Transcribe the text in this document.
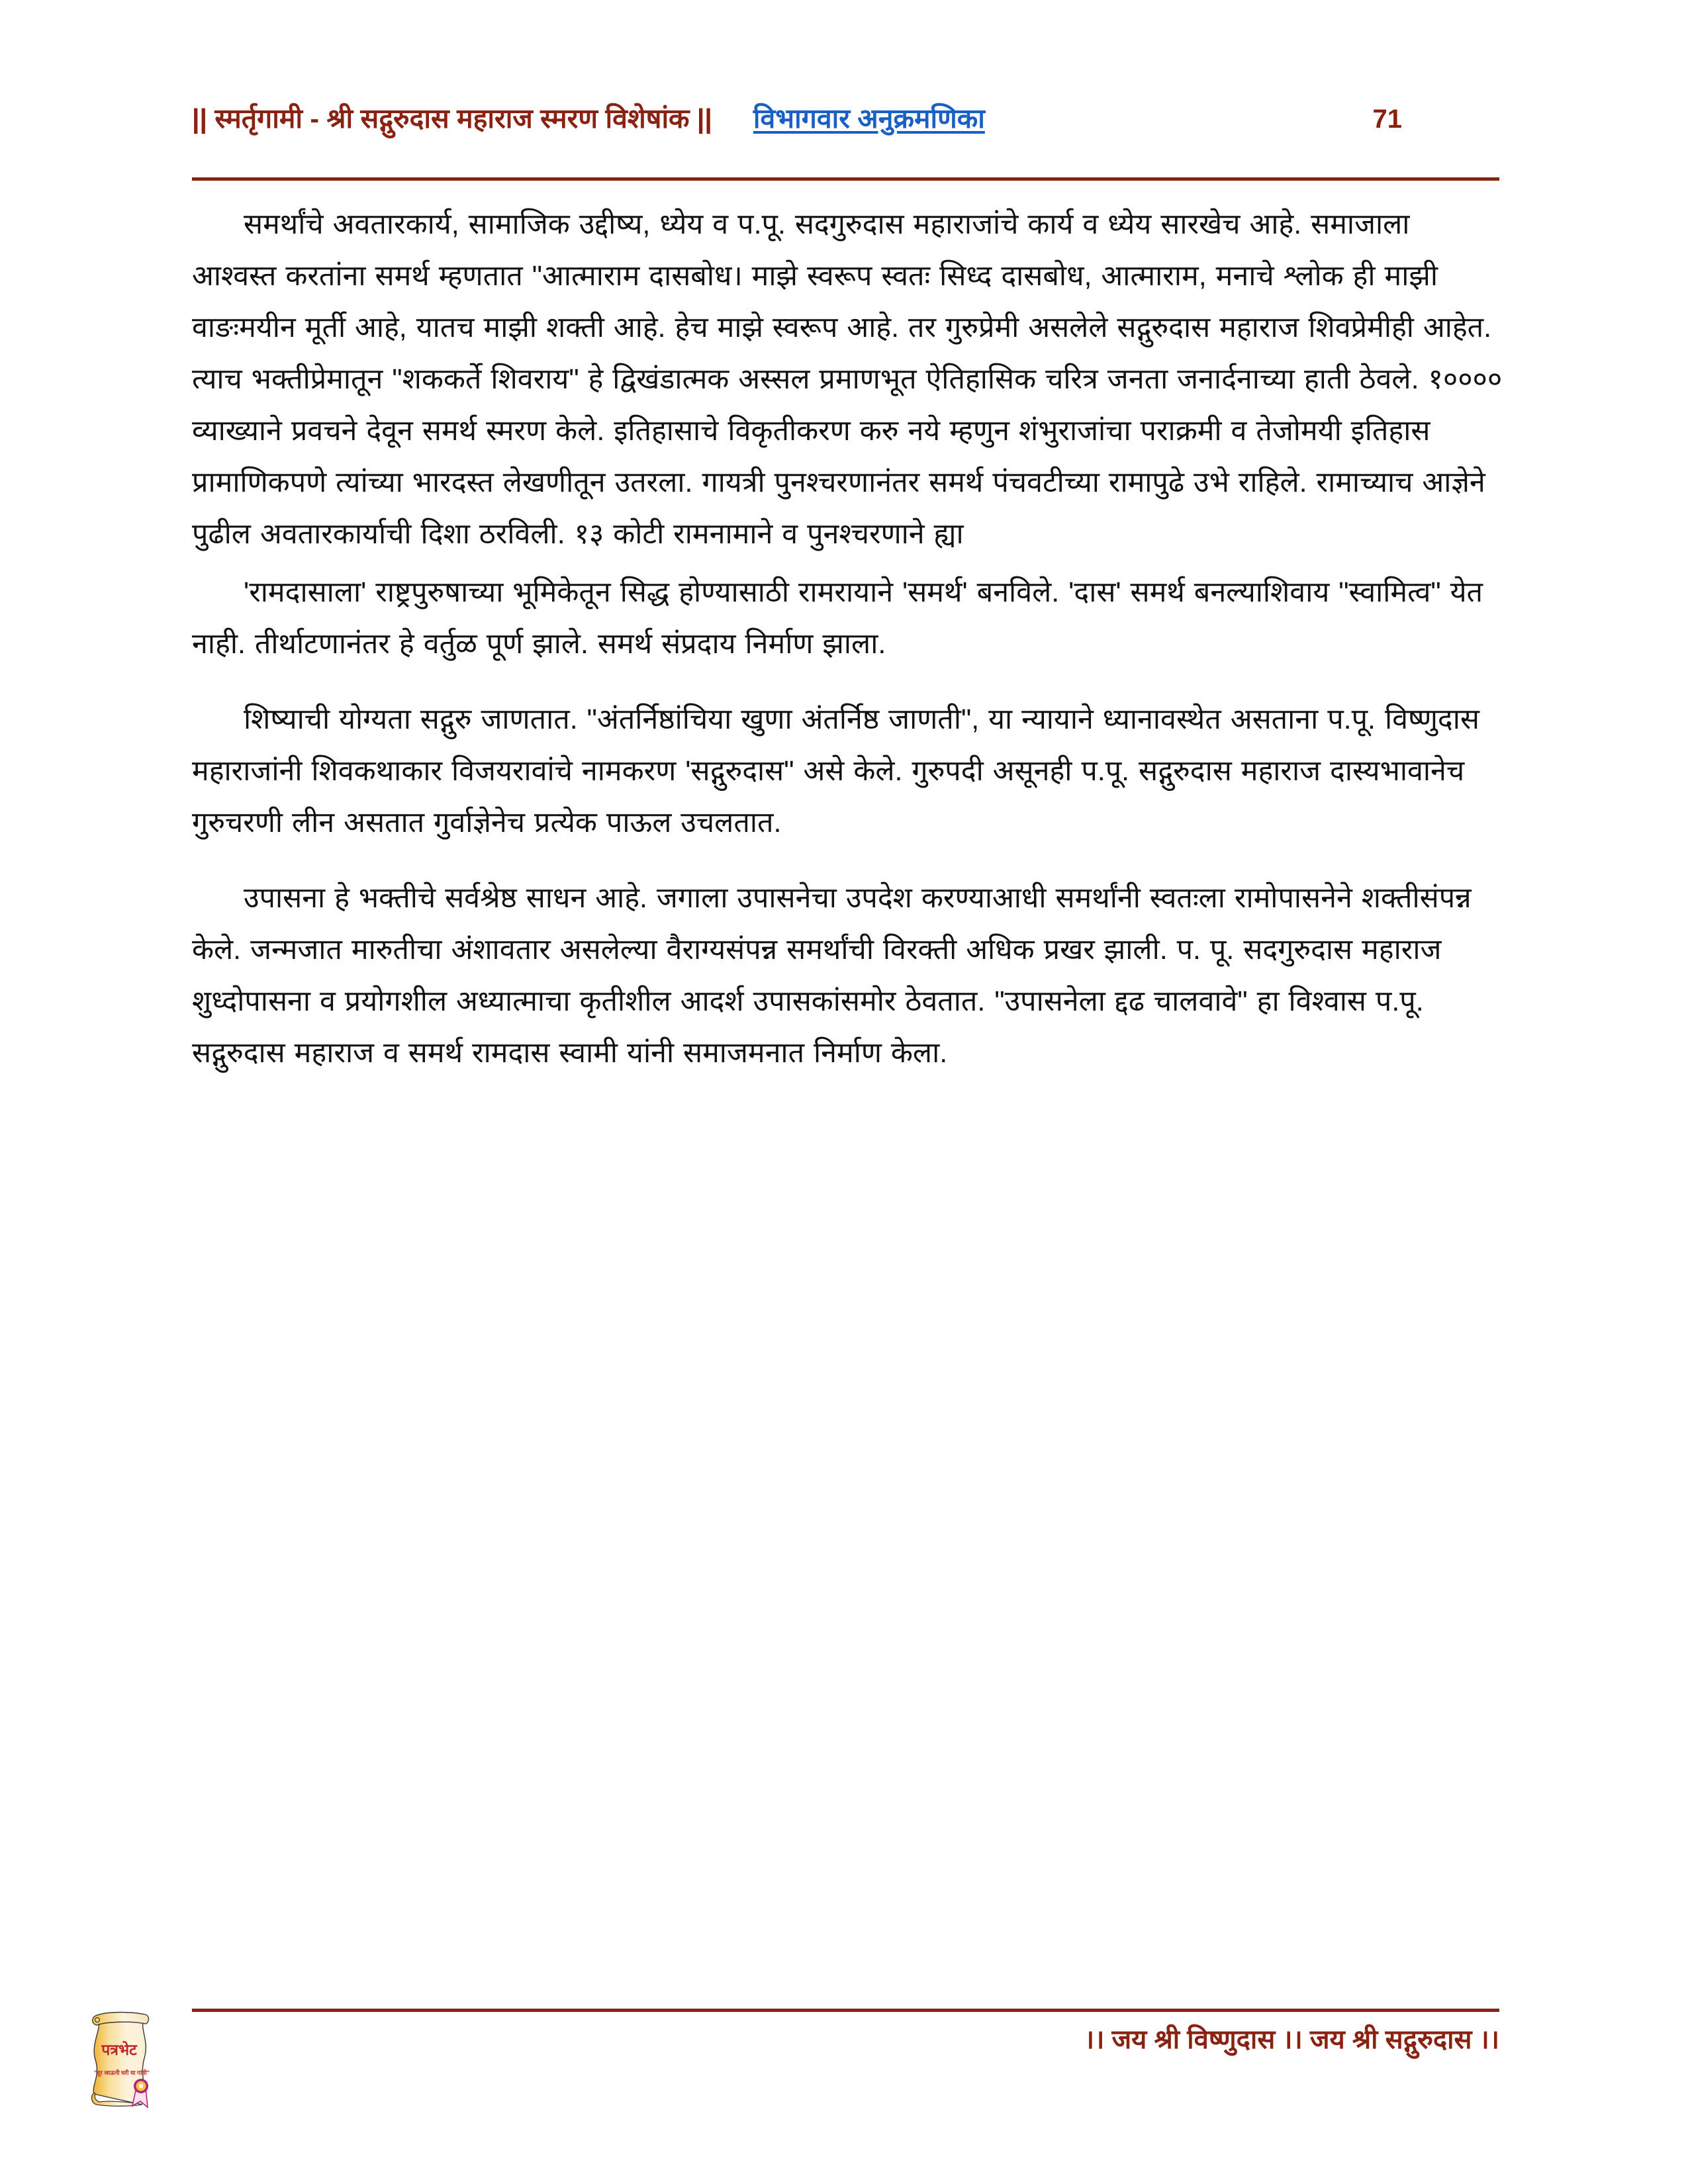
|| स्मर्तृगामी - श्री सद्गुरुदास महाराज स्मरण विशेषांक || विभागवार अनुक्रमणिका	71

समर्थांचे अवतारकार्य, सामाजिक उद्दीष्य, ध्येय व प.पू. सदगुरुदास महाराजांचे कार्य व ध्येय सारखेच आहे. समाजाला आश्वस्त करतांना समर्थ म्हणतात "आत्माराम दासबोध। माझे स्वरूप स्वतः सिध्द दासबोध, आत्माराम, मनाचे श्लोक ही माझी वाङःमयीन मूर्ती आहे, यातच माझी शक्ती आहे. हेच माझे स्वरूप आहे. तर गुरुप्रेमी असलेले सद्गुरुदास महाराज शिवप्रेमीही आहेत. त्याच भक्तीप्रेमातून "शककर्ते शिवराय" हे द्विखंडात्मक अस्सल प्रमाणभूत ऐतिहासिक चरित्र जनता जनार्दनाच्या हाती ठेवले. १०००० व्याख्याने प्रवचने देवून समर्थ स्मरण केले. इतिहासाचे विकृतीकरण करु नये म्हणुन शंभुराजांचा पराक्रमी व तेजोमयी इतिहास प्रामाणिकपणे त्यांच्या भारदस्त लेखणीतून उतरला. गायत्री पुनश्चरणानंतर समर्थ पंचवटीच्या रामापुढे उभे राहिले. रामाच्याच आज्ञेने पुढील अवतारकार्याची दिशा ठरविली. १३ कोटी रामनामाने व पुनश्चरणाने ह्या

'रामदासाला' राष्ट्रपुरुषाच्या भूमिकेतून सिद्ध होण्यासाठी रामरायाने 'समर्थ' बनविले. 'दास' समर्थ बनल्याशिवाय "स्वामित्व" येत नाही. तीर्थाटणानंतर हे वर्तुळ पूर्ण झाले. समर्थ संप्रदाय निर्माण झाला.

शिष्याची योग्यता सद्गुरु जाणतात. "अंतर्निष्ठांचिया खुणा अंतर्निष्ठ जाणती", या न्यायाने ध्यानावस्थेत असताना प.पू. विष्णुदास महाराजांनी शिवकथाकार विजयरावांचे नामकरण 'सद्गुरुदास" असे केले. गुरुपदी असूनही प.पू. सद्गुरुदास महाराज दास्यभावानेच गुरुचरणी लीन असतात गुर्वाज्ञेनेच प्रत्येक पाऊल उचलतात.

उपासना हे भक्तीचे सर्वश्रेष्ठ साधन आहे. जगाला उपासनेचा उपदेश करण्याआधी समर्थांनी स्वतःला रामोपासनेने शक्तीसंपन्न केले. जन्मजात मारुतीचा अंशावतार असलेल्या वैराग्यसंपन्न समर्थांची विरक्ती अधिक प्रखर झाली. प. पू. सदगुरुदास महाराज शुध्दोपासना व प्रयोगशील अध्यात्माचा कृतीशील आदर्श उपासकांसमोर ठेवतात. "उपासनेला द्दढ चालवावे" हा विश्वास प.पू. सद्गुरुदास महाराज व समर्थ रामदास स्वामी यांनी समाजमनात निर्माण केला.

।। जय श्री विष्णुदास ।। जय श्री सद्गुरुदास ।।
पत्रभेट
"दूर जाऊनी घरी या गांवी"
